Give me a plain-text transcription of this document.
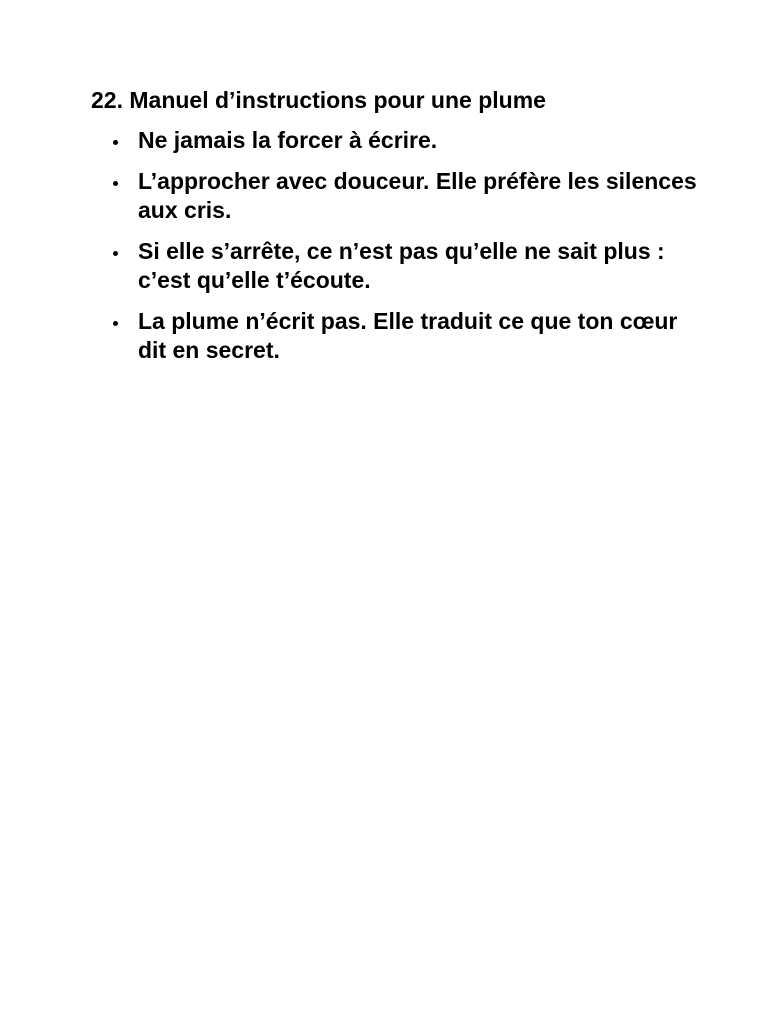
22. Manuel d’instructions pour une plume
Ne jamais la forcer à écrire.
L’approcher avec douceur. Elle préfère les silences aux cris.
Si elle s’arrête, ce n’est pas qu’elle ne sait plus : c’est qu’elle t’écoute.
La plume n’écrit pas. Elle traduit ce que ton cœur dit en secret.
